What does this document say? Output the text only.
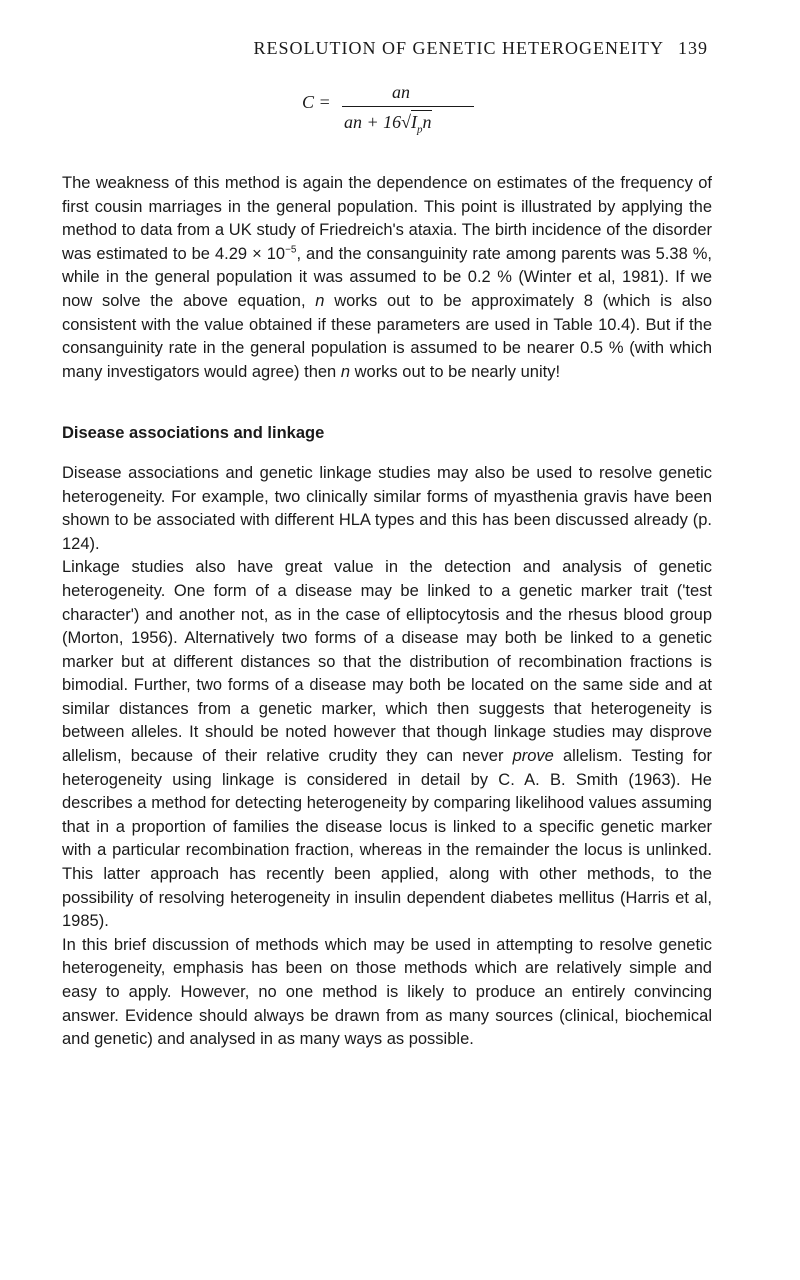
RESOLUTION OF GENETIC HETEROGENEITY 139
C =	an
an + $16√I_pn$

The weakness of this method is again the dependence on estimates of the frequency of first cousin marriages in the general population. This point is illustrated by applying the method to data from a UK study of Friedreich's ataxia. The birth incidence of the disorder was estimated to be $4.29 \times 10^{-5}$, and the consanguinity rate among parents was 5.38 %, while in the general population it was assumed to be 0.2 % (Winter et al, 1981). If we now solve the above equation, n works out to be approximately 8 (which is also consistent with the value obtained if these parameters are used in Table 10.4). But if the consanguinity rate in the general population is assumed to be nearer 0.5 % (with which many investigators would agree) then n works out to be nearly unity!

Disease associations and linkage

Disease associations and genetic linkage studies may also be used to resolve genetic heterogeneity. For example, two clinically similar forms of myasthenia gravis have been shown to be associated with different HLA types and this has been discussed already (p. 124).

Linkage studies also have great value in the detection and analysis of genetic heterogeneity. One form of a disease may be linked to a genetic marker trait ('test character') and another not, as in the case of elliptocytosis and the rhesus blood group (Morton, 1956). Alternatively two forms of a disease may both be linked to a genetic marker but at different distances so that the distribution of recombination fractions is bimodial. Further, two forms of a disease may both be located on the same side and at similar distances from a genetic marker, which then suggests that heterogeneity is between alleles. It should be noted however that though linkage studies may disprove allelism, because of their relative crudity they can never prove allelism. Testing for heterogeneity using linkage is considered in detail by C. A. B. Smith (1963). He describes a method for detecting heterogeneity by comparing likelihood values assuming that in a proportion of families the disease locus is linked to a specific genetic marker with a particular recombination fraction, whereas in the remainder the locus is unlinked. This latter approach has recently been applied, along with other methods, to the possibility of resolving heterogeneity in insulin dependent diabetes mellitus (Harris et al, 1985).

In this brief discussion of methods which may be used in attempting to resolve genetic heterogeneity, emphasis has been on those methods which are relatively simple and easy to apply. However, no one method is likely to produce an entirely convincing answer. Evidence should always be drawn from as many sources (clinical, biochemical and genetic) and analysed in as many ways as possible.
